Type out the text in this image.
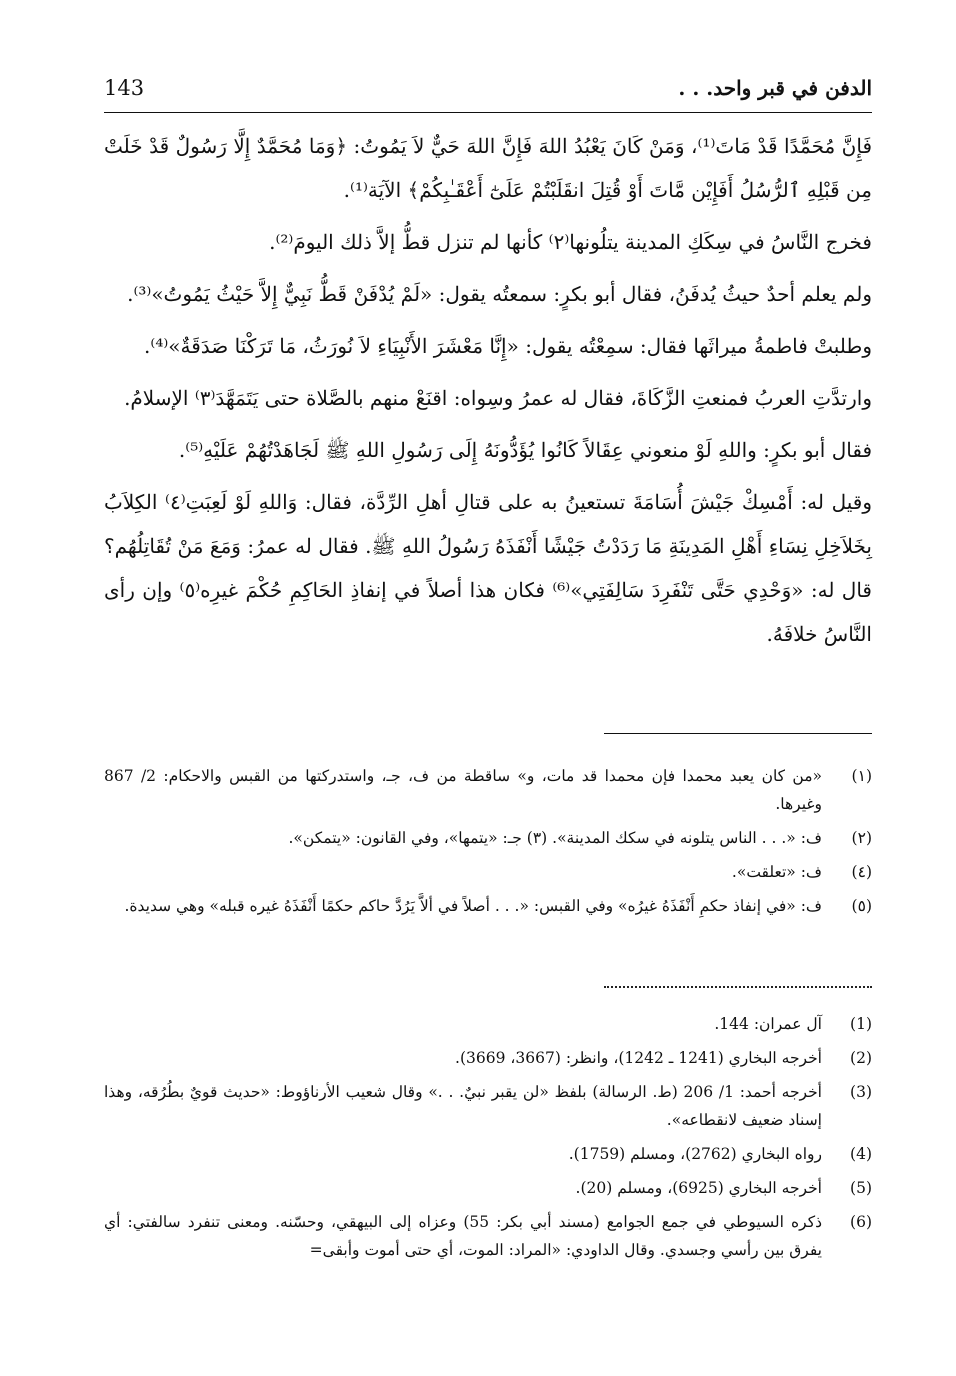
الدفن في قبر واحد. . .
143

فَإِنَّ مُحَمَّدًا قَدْ مَاتَ⁽¹⁾، وَمَنْ كَانَ يَعْبُدُ اللهَ فَإِنَّ اللهَ حَيٌّ لاَ يَمُوتُ: ﴿وَمَا مُحَمَّدٌ إِلَّا رَسُولٌ قَدْ خَلَتْ مِن قَبْلِهِ ٱلرُّسُلُ أَفَإِيْن مَّاتَ أَوْ قُتِلَ انقَلَبْتُمْ عَلَىٰٓ أَعْقَـٰبِكُمْ﴾ الآيَة⁽¹⁾.

فخرج النَّاسُ في سِكَكِ المدينة يتلُونها⁽٢⁾ كأنها لم تنزل قطُّ إلاَّ ذلك اليومَ⁽²⁾.

ولم يعلم أحدٌ حيثُ يُدفَنُ، فقال أبو بكرٍ: سمعتُه يقول: «لَمْ يُدْفَنْ قَطُّ نَبِيٌّ إِلاَّ حَيْثُ يَمُوتُ»⁽³⁾.

وطلبتْ فاطمةُ ميراثَها فقال: سمِعْتُه يقول: «إِنَّا مَعْشَرَ الأَنْبِيَاءِ لاَ نُورَثُ، مَا تَرَكْنَا صَدَقَةٌ»⁽⁴⁾.

وارتدَّتِ العربُ فمنعتِ الزَّكَاةَ، فقال له عمرُ وسِواه: اقنَعْ منهم بالصَّلاة حتى يَتَمَهَّدَ⁽٣⁾ الإسلامُ.

فقال أبو بكرٍ: واللهِ لَوْ منعوني عِقَالاً كَانُوا يُؤَدُّونَهُ إِلَى رَسُولِ اللهِ ﷺ لَجَاهَدْتُهُمْ عَلَيْهِ⁽⁵⁾.

وقيل له: أَمْسِكْ جَيْشَ أُسَامَةَ تستعينُ به على قتالِ أهلِ الرِّدَّة، فقال: وَاللهِ لَوْ لَعِبَتِ⁽٤⁾ الكِلاَبُ بِخَلاَخِلِ نِسَاءِ أَهْلِ المَدِينَةِ مَا رَدَدْتُ جَيْشًا أَنْفَذَهُ رَسُولُ اللهِ ﷺ. فقال له عمرُ: وَمَعَ مَنْ تُقَاتِلُهُم؟ قال له: «وَحْدِي حَتَّى تَنْفَرِدَ سَالِفَتِي»⁽⁶⁾ فكان هذا أصلاً في إنفاذِ الحَاكِمِ حُكْمَ غيرِه⁽٥⁾ وإن رأى النَّاسُ خلافَهُ.

(١)
«من كان يعبد محمدا فإن محمدا قد مات، و» ساقطة من ف، جـ، واستدركتها من القبس والاحكام: 2/ 867 وغيرها.
(٢)
ف: «. . . الناس يتلونه في سكك المدينة». (٣) جـ: «يتمها»، وفي القانون: «يتمكن».
(٤)
ف: «تعلقت».
(٥)
ف: «في إنفاذ حكمِ أَنْفَذَهُ غيرُه» وفي القبس: «. . . أصلاً في ألاَّ يَرُدَّ حاكم حكمًا أَنْفَذَهُ غيره قبله» وهي سديدة.
(1)
آل عمران: 144.
(2)
أخرجه البخاري (1241 ـ 1242)، وانظر: (3667، 3669).
(3)
أخرجه أحمد: 1/ 206 (ط. الرسالة) بلفظ «لن يقبر نبيٌ. . .» وقال شعيب الأرناؤوط: «حديث قويٌ بطُرُقه، وهذا إسناد ضعيف لانقطاعه».
(4)
رواه البخاري (2762)، ومسلم (1759).
(5)
أخرجه البخاري (6925)، ومسلم (20).
(6)
ذكره السيوطي في جمع الجوامع (مسند أبي بكر: 55) وعزاه إلى البيهقي، وحسّنه. ومعنى تنفرد سالفتي: أي يفرق بين رأسي وجسدي. وقال الداودي: «المراد: الموت، أي حتى أموت وأبقى=
